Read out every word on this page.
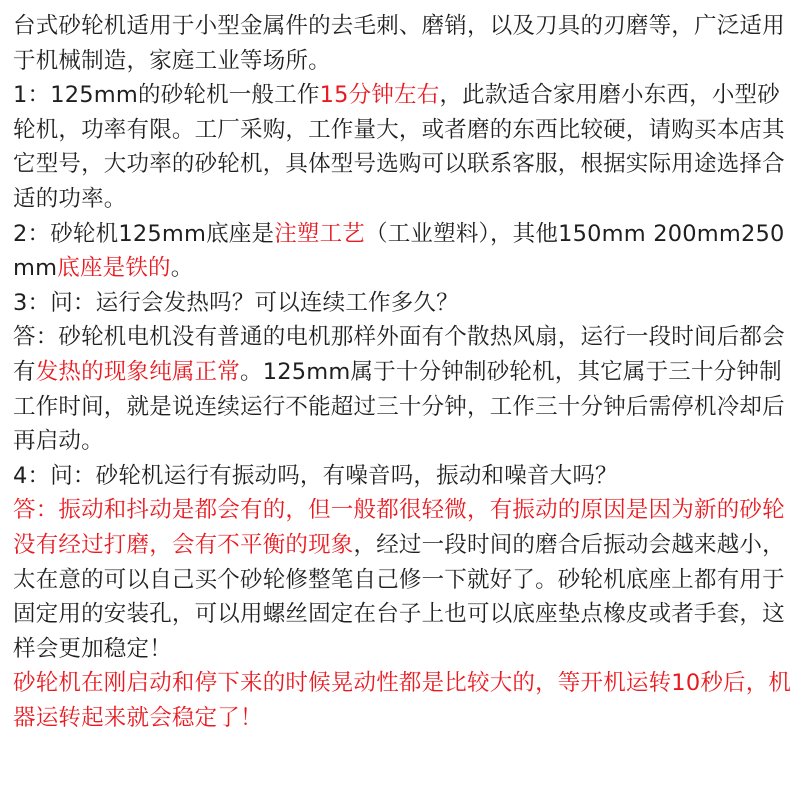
台式砂轮机适用于小型金属件的去毛刺、磨销，以及刀具的刃磨等，广泛适用于机械制造，家庭工业等场所。

1：125mm的砂轮机一般工作15分钟左右，此款适合家用磨小东西，小型砂轮机，功率有限。工厂采购，工作量大，或者磨的东西比较硬，请购买本店其它型号，大功率的砂轮机，具体型号选购可以联系客服，根据实际用途选择合适的功率。

2：砂轮机125mm底座是注塑工艺（工业塑料），其他150mm 200mm250mm底座是铁的。

3：问：运行会发热吗？可以连续工作多久？

答：砂轮机电机没有普通的电机那样外面有个散热风扇，运行一段时间后都会有发热的现象纯属正常。125mm属于十分钟制砂轮机，其它属于三十分钟制工作时间，就是说连续运行不能超过三十分钟，工作三十分钟后需停机冷却后再启动。

4：问：砂轮机运行有振动吗，有噪音吗，振动和噪音大吗？

答：振动和抖动是都会有的，但一般都很轻微，有振动的原因是因为新的砂轮没有经过打磨，会有不平衡的现象，经过一段时间的磨合后振动会越来越小，太在意的可以自己买个砂轮修整笔自己修一下就好了。砂轮机底座上都有用于固定用的安装孔，可以用螺丝固定在台子上也可以底座垫点橡皮或者手套，这样会更加稳定！

砂轮机在刚启动和停下来的时候晃动性都是比较大的，等开机运转10秒后，机器运转起来就会稳定了！
